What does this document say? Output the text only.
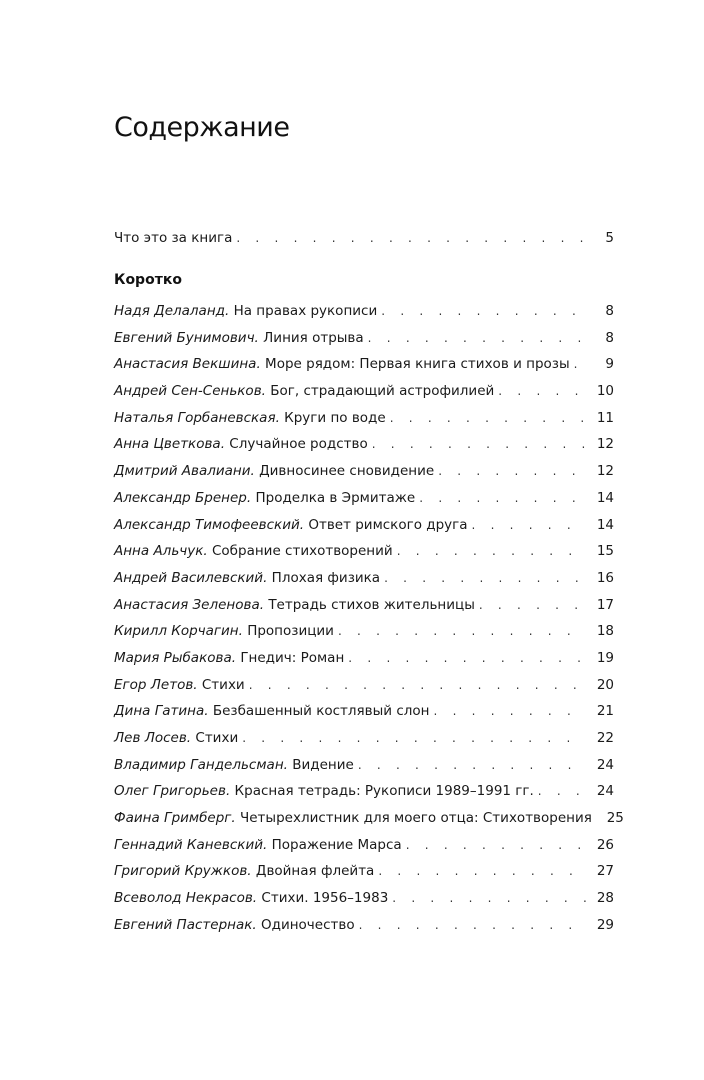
Содержание
Что это за книга .	5
Коротко
Надя Делаланд. На правах рукописи .	8
Евгений Бунимович. Линия отрыва .	8
Анастасия Векшина. Море рядом: Первая книга стихов и прозы .	9
Андрей Сен-Сеньков. Бог, страдающий астрофилией .	10
Наталья Горбаневская. Круги по воде .	11
Анна Цветкова. Случайное родство .	12
Дмитрий Авалиани. Дивносинее сновидение .	12
Александр Бренер. Проделка в Эрмитаже .	14
Александр Тимофеевский. Ответ римского друга .	14
Анна Альчук. Собрание стихотворений .	15
Андрей Василевский. Плохая физика .	16
Анастасия Зеленова. Тетрадь стихов жительницы .	17
Кирилл Корчагин. Пропозиции .	18
Мария Рыбакова. Гнедич: Роман .	19
Егор Летов. Стихи .	20
Дина Гатина. Безбашенный костлявый слон .	21
Лев Лосев. Стихи .	22
Владимир Гандельсман. Видение .	24
Олег Григорьев. Красная тетрадь: Рукописи 1989–1991 гг. .	24
Фаина Гримберг. Четырехлистник для моего отца: Стихотворения	25
Геннадий Каневский. Поражение Марса .	26
Григорий Кружков. Двойная флейта .	27
Всеволод Некрасов. Стихи. 1956–1983 .	28
Евгений Пастернак. Одиночество .	29
